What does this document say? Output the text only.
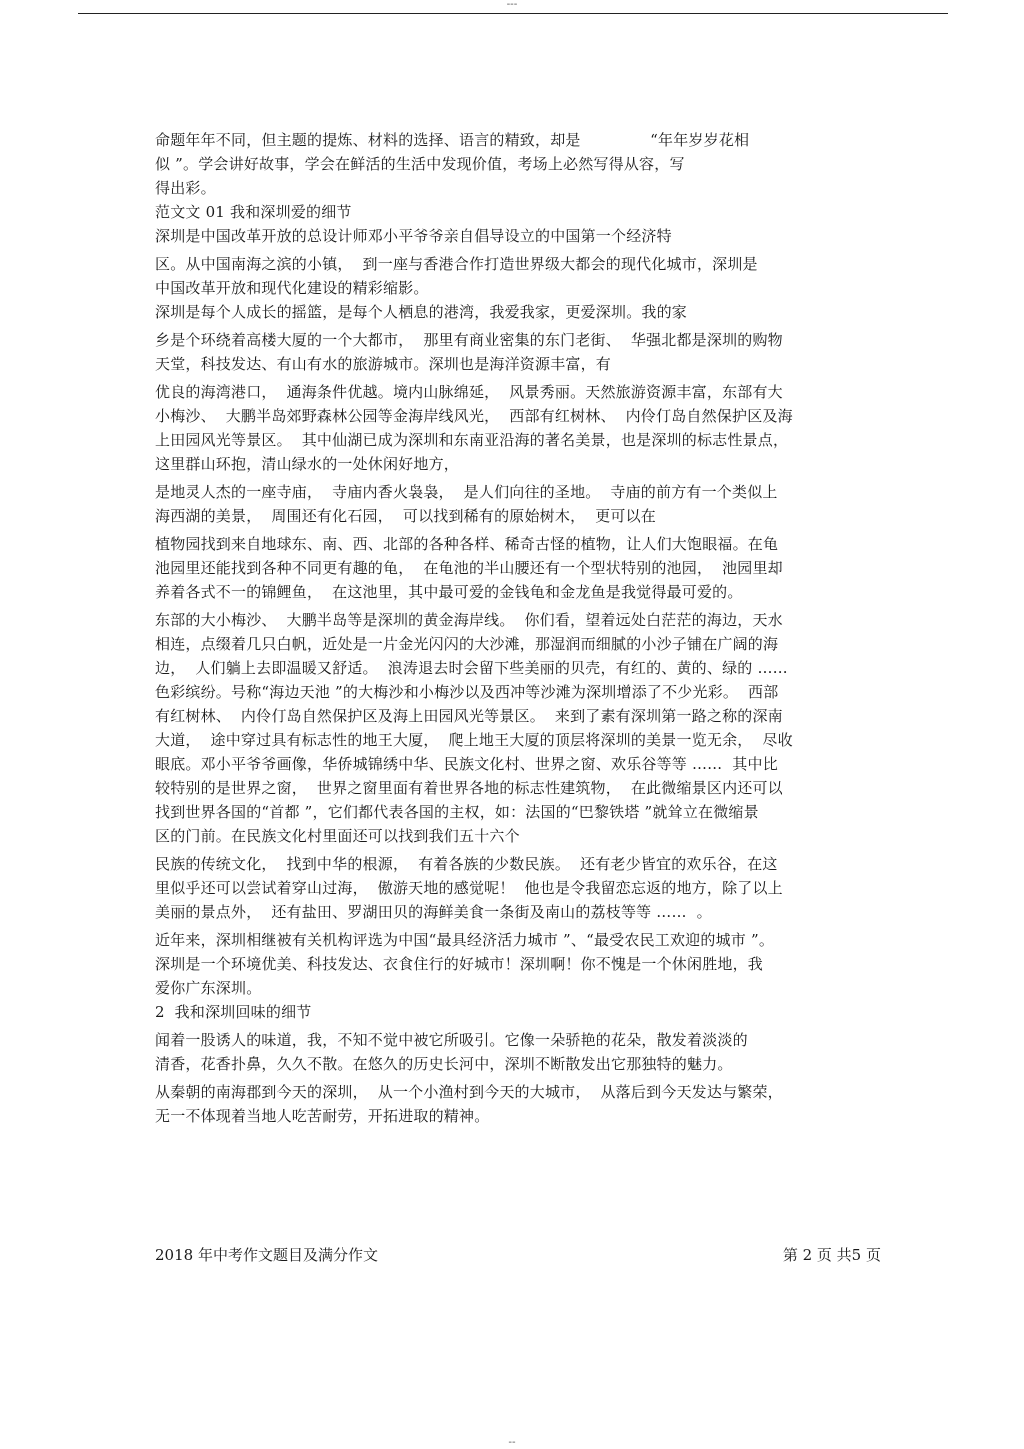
---
命题年年不同，但主题的提炼、材料的选择、语言的精致，却是              “年年岁岁花相
似 ”。学会讲好故事，学会在鲜活的生活中发现价值，考场上必然写得从容，写
得出彩。
范文文 01 我和深圳爱的细节
深圳是中国改革开放的总设计师邓小平爷爷亲自倡导设立的中国第一个经济特
区。从中国南海之滨的小镇，  到一座与香港合作打造世界级大都会的现代化城市，深圳是
中国改革开放和现代化建设的精彩缩影。
深圳是每个人成长的摇篮，是每个人栖息的港湾，我爱我家，更爱深圳。我的家
乡是个环绕着高楼大厦的一个大都市，  那里有商业密集的东门老街、  华强北都是深圳的购物
天堂，科技发达、有山有水的旅游城市。深圳也是海洋资源丰富，有
优良的海湾港口，  通海条件优越。境内山脉绵延，  风景秀丽。天然旅游资源丰富，东部有大
小梅沙、  大鹏半岛郊野森林公园等金海岸线风光，  西部有红树林、  内伶仃岛自然保护区及海
上田园风光等景区。  其中仙湖已成为深圳和东南亚沿海的著名美景，也是深圳的标志性景点，
这里群山环抱，清山绿水的一处休闲好地方，
是地灵人杰的一座寺庙，  寺庙内香火袅袅，  是人们向往的圣地。  寺庙的前方有一个类似上
海西湖的美景，  周围还有化石园，  可以找到稀有的原始树木，  更可以在
植物园找到来自地球东、南、西、北部的各种各样、稀奇古怪的植物，让人们大饱眼福。在龟
池园里还能找到各种不同更有趣的龟，  在龟池的半山腰还有一个型状特别的池园，  池园里却
养着各式不一的锦鲤鱼，  在这池里，其中最可爱的金钱龟和金龙鱼是我觉得最可爱的。
东部的大小梅沙、  大鹏半岛等是深圳的黄金海岸线。  你们看，望着远处白茫茫的海边，天水
相连，点缀着几只白帆，近处是一片金光闪闪的大沙滩，那湿润而细腻的小沙子铺在广阔的海
边，  人们躺上去即温暖又舒适。  浪涛退去时会留下些美丽的贝壳，有红的、黄的、绿的 ……
色彩缤纷。号称“海边天池 ”的大梅沙和小梅沙以及西冲等沙滩为深圳增添了不少光彩。  西部
有红树林、  内伶仃岛自然保护区及海上田园风光等景区。  来到了素有深圳第一路之称的深南
大道，  途中穿过具有标志性的地王大厦，  爬上地王大厦的顶层将深圳的美景一览无余，  尽收
眼底。邓小平爷爷画像，华侨城锦绣中华、民族文化村、世界之窗、欢乐谷等等 ……  其中比
较特别的是世界之窗，  世界之窗里面有着世界各地的标志性建筑物，  在此微缩景区内还可以
找到世界各国的“首都 ”，它们都代表各国的主权，如：法国的“巴黎铁塔 ”就耸立在微缩景
区的门前。在民族文化村里面还可以找到我们五十六个
民族的传统文化，  找到中华的根源，  有着各族的少数民族。  还有老少皆宜的欢乐谷，在这
里似乎还可以尝试着穿山过海，  傲游天地的感觉呢！  他也是令我留恋忘返的地方，除了以上
美丽的景点外，  还有盐田、罗湖田贝的海鲜美食一条街及南山的荔枝等等 ……  。
近年来，深圳相继被有关机构评选为中国“最具经济活力城市 ”、“最受农民工欢迎的城市 ”。
深圳是一个环境优美、科技发达、衣食住行的好城市！深圳啊！你不愧是一个休闲胜地，我
爱你广东深圳。
2  我和深圳回味的细节
闻着一股诱人的味道，我，不知不觉中被它所吸引。它像一朵骄艳的花朵，散发着淡淡的
清香，花香扑鼻，久久不散。在悠久的历史长河中，深圳不断散发出它那独特的魅力。
从秦朝的南海郡到今天的深圳，  从一个小渔村到今天的大城市，  从落后到今天发达与繁荣，
无一不体现着当地人吃苦耐劳，开拓进取的精神。
2018 年中考作文题目及满分作文	第 2 页 共5 页
--
